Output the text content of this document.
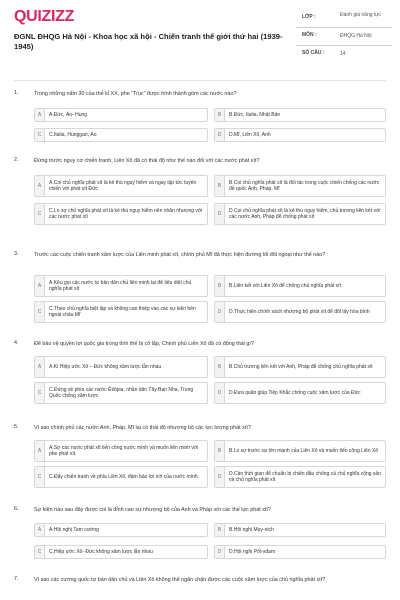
QUIZIZZ
ĐGNL ĐHQG Hà Nội - Khoa học xã hội - Chiến tranh thế giới thứ hai (1939-1945)
LỚP :	Đánh giá năng lực
MÔN :	ĐHQG Hà Nội
SỐ CÂU :	14
1.	Trong những năm 30 của thế kỉ XX, phe “Trục” được hình thành gồm các nước nào?
A	A.Đức, Áo- Hung	B	B.Đức, Italia, Nhật Bản
C	C.Italia, Hunggari, Áo	D	D.Mĩ, Liên Xô, Anh
2.	Đứng trước nguy cơ chiến tranh, Liên Xô đã có thái độ như thế nào đối với các nước phát xít?
A
A.Coi chủ nghĩa phát xít là kẻ thù nguy hiểm và ngay lập tức tuyên chiến với phát xít Đức	B
B.Coi chủ nghĩa phát xít là đối tác trong cuộc chiến chống các nước đế quốc Anh, Pháp, Mĩ
C
C.Lo sợ chủ nghĩa phát xít là kẻ thù nguy hiểm nên nhân nhượng với các nước phát xít	D
D.Coi chủ nghĩa phát xít là kẻ thù nguy hiểm, chủ trương liên kết với các nước Anh, Pháp để chống phát xít
3.	Trước các cuộc chiến tranh xâm lược của Liên minh phát xít, chính phủ Mĩ đã thực hiện đường lối đối ngoại như thế nào?
A
A.Kêu gọi các nước tư bản dân chủ liên minh lại để tiêu diệt chủ nghĩa phát xít	B	B.Liên kết với Liên Xô để chống chủ nghĩa phát xít
C
C.Theo chủ nghĩa biệt lập và không can thiệp vào các sự kiện bên ngoài châu Mĩ	D	D.Thực hiện chính sách nhượng bộ phát xít để đổi lấy hòa bình
4.	Để bảo vệ quyền lợi quốc gia trong tình thế bị cô lập, Chính phủ Liên Xô đã có động thái gì?
A	A.Kí Hiệp ước Xô – Đức không xâm lược lẫn nhau	B	B.Chủ trương liên kết với Anh, Pháp để chống chủ nghĩa phát xít
C
C.Đứng về phía các nước Êtiôpia, nhân dân Tây Ban Nha, Trung Quốc chống xâm lược	D	D.Đưa quân giúp Tiệp Khắc chống cuộc xâm lược của Đức
5.	Vì sao chính phủ các nước Anh, Pháp, Mĩ lại có thái độ nhượng bộ các lực lượng phát xít?
A
A.Sợ các nước phát xít tiến công nước mình và muốn liên minh với phe phát xít.	B	B.Lo sợ trước sự lớn mạnh của Liên Xô và muốn tiến công Liên Xô
C	C.Đẩy chiến tranh về phía Liên Xô, đảm bảo lợi ích của nước mình.	D
D.Cần thời gian để chuẩn bị chiến đấu chống cả chủ nghĩa cộng sản và chủ nghĩa phát xít
6.	Sự kiện nào sau đây được coi là đỉnh cao sự nhượng bộ của Anh và Pháp với các thế lực phát xít?
A	A.Hội nghị Tam cường	B	B.Hội nghị Muy-nich
C	C.Hiệp ước Xô- Đức không xâm lược lẫn nhau	D	D.Hội nghị Pốt-xđam
7.	Vì sao các cường quốc tư bản dân chủ và Liên Xô không thể ngăn chặn được các cuộc xâm lược của chủ nghĩa phát xít?
